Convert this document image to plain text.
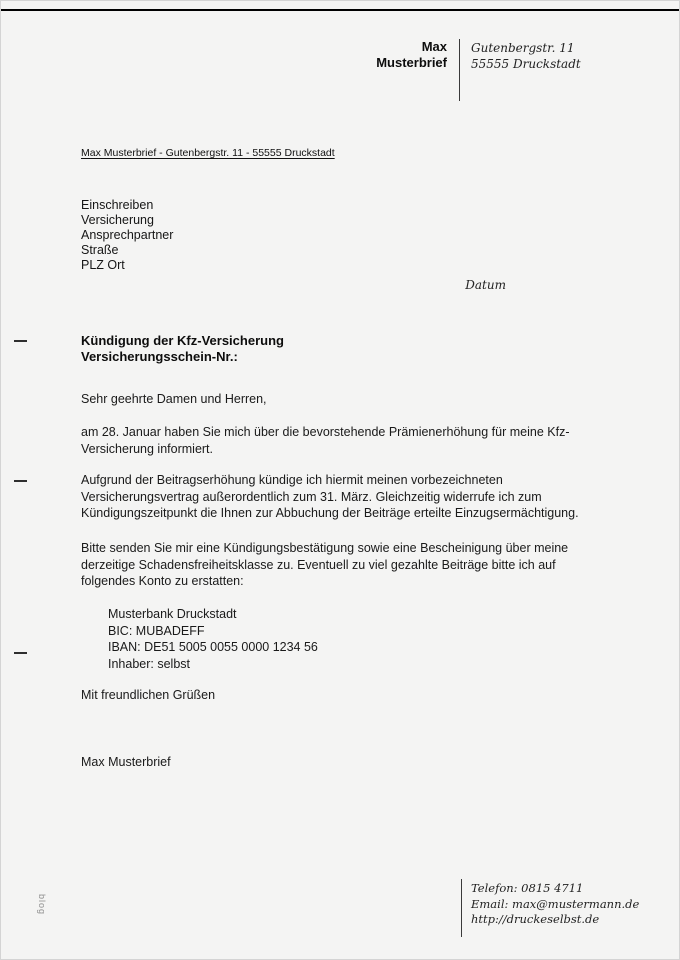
Max
Musterbrief
Gutenbergstr. 11
55555 Druckstadt
Max Musterbrief - Gutenbergstr. 11 - 55555 Druckstadt
Einschreiben
Versicherung
Ansprechpartner
Straße
PLZ Ort
Datum
Kündigung der Kfz-Versicherung
Versicherungsschein-Nr.:
Sehr geehrte Damen und Herren,
am 28. Januar haben Sie mich über die bevorstehende Prämienerhöhung für meine Kfz-Versicherung informiert.
Aufgrund der Beitragserhöhung kündige ich hiermit meinen vorbezeichneten Versicherungsvertrag außerordentlich zum 31. März. Gleichzeitig widerrufe ich zum Kündigungszeitpunkt die Ihnen zur Abbuchung der Beiträge erteilte Einzugsermächtigung.
Bitte senden Sie mir eine Kündigungsbestätigung sowie eine Bescheinigung über meine derzeitige Schadensfreiheitsklasse zu. Eventuell zu viel gezahlte Beiträge bitte ich auf folgendes Konto zu erstatten:
Musterbank Druckstadt
BIC: MUBADEFF
IBAN: DE51 5005 0055 0000 1234 56
Inhaber: selbst
Mit freundlichen Grüßen
Max Musterbrief
Telefon: 0815 4711
Email: max@mustermann.de
http://druckeselbst.de
blog
